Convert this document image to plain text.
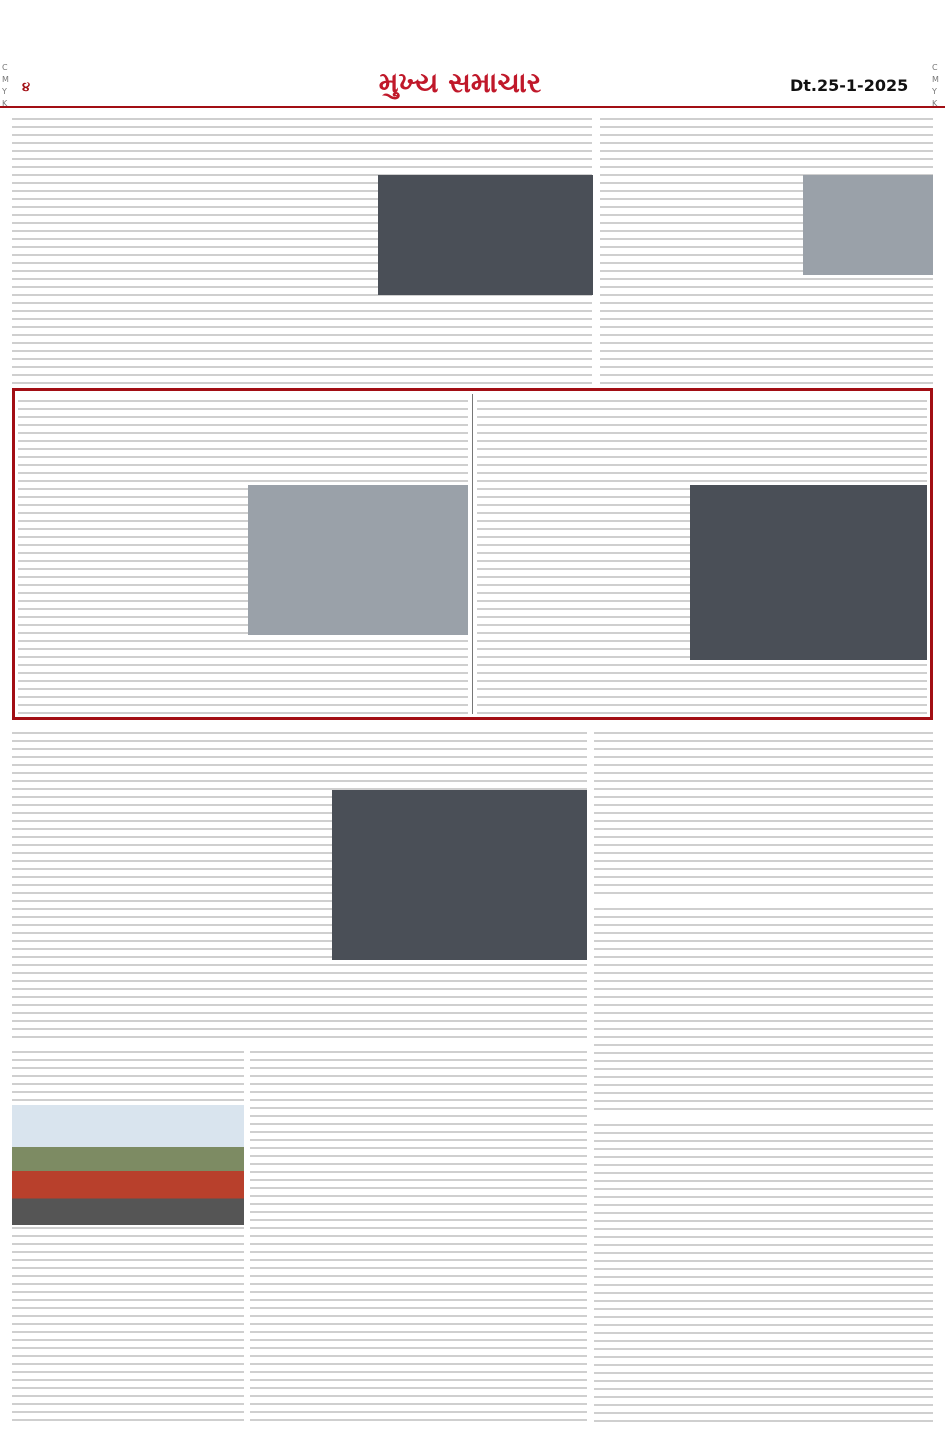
C M Y K
C M Y K
૪	મુખ્ય સમાચાર	Dt.25-1-2025
